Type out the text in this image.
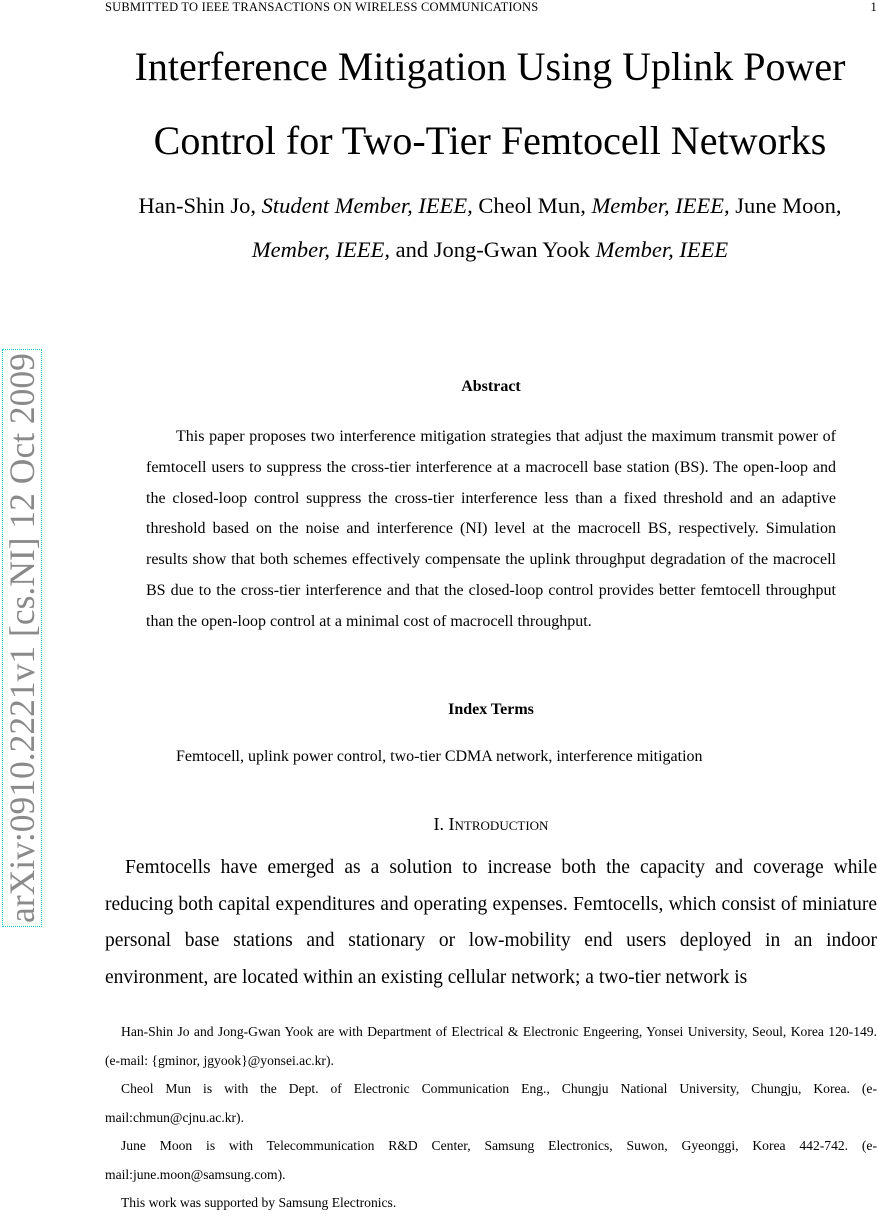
SUBMITTED TO IEEE TRANSACTIONS ON WIRELESS COMMUNICATIONS	1
Interference Mitigation Using Uplink Power Control for Two-Tier Femtocell Networks
Han-Shin Jo, Student Member, IEEE, Cheol Mun, Member, IEEE, June Moon, Member, IEEE, and Jong-Gwan Yook Member, IEEE
arXiv:0910.2221v1 [cs.NI] 12 Oct 2009	Abstract
This paper proposes two interference mitigation strategies that adjust the maximum transmit power of femtocell users to suppress the cross-tier interference at a macrocell base station (BS). The open-loop and the closed-loop control suppress the cross-tier interference less than a fixed threshold and an adaptive threshold based on the noise and interference (NI) level at the macrocell BS, respectively. Simulation results show that both schemes effectively compensate the uplink throughput degradation of the macrocell BS due to the cross-tier interference and that the closed-loop control provides better femtocell throughput than the open-loop control at a minimal cost of macrocell throughput.
Index Terms
Femtocell, uplink power control, two-tier CDMA network, interference mitigation
I. Introduction
Femtocells have emerged as a solution to increase both the capacity and coverage while reducing both capital expenditures and operating expenses. Femtocells, which consist of miniature personal base stations and stationary or low-mobility end users deployed in an indoor environment, are located within an existing cellular network; a two-tier network is

Han-Shin Jo and Jong-Gwan Yook are with Department of Electrical & Electronic Engeering, Yonsei University, Seoul, Korea 120-149. (e-mail: {gminor, jgyook}@yonsei.ac.kr).

Cheol Mun is with the Dept. of Electronic Communication Eng., Chungju National University, Chungju, Korea. (e-mail:chmun@cjnu.ac.kr).

June Moon is with Telecommunication R&D Center, Samsung Electronics, Suwon, Gyeonggi, Korea 442-742. (e-mail:june.moon@samsung.com).

This work was supported by Samsung Electronics.
